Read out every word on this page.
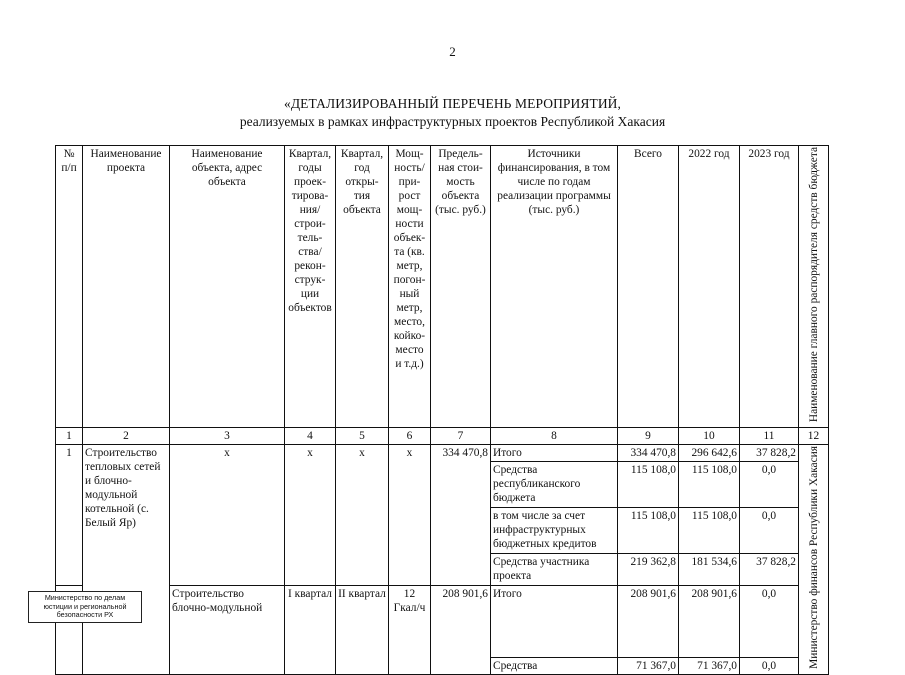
2
«ДЕТАЛИЗИРОВАННЫЙ ПЕРЕЧЕНЬ МЕРОПРИЯТИЙ,
реализуемых в рамках инфраструктурных проектов Республикой Хакасия
№ п/п	Наименование проекта	Наименование объекта, адрес объекта	Квартал, годы проек- тирова- ния/ строи- тель- ства/ рекон- струк- ции объектов	Квартал, год откры- тия объекта	Мощ- ность/ при- рост мощ- ности объек- та (кв. метр, погон- ный метр, место, койко- место и т.д.)	Предель- ная стои- мость объекта (тыс. руб.)	Источники финансирования, в том числе по годам реализации программы (тыс. руб.)	Всего	2022 год	2023 год	Наименование главного распорядителя средств бюджета
1	2	3	4	5	6	7	8	9	10	11	12
1	Строительство тепловых сетей и блочно-модульной котельной (с. Белый Яр)	х	х	х	х	334 470,8	Итого	334 470,8	296 642,6	37 828,2	Министерство финансов Республики Хакасия
							Средства республиканского бюджета	115 108,0	115 108,0	0,0	
							в том числе за счет инфраструктурных бюджетных кредитов	115 108,0	115 108,0	0,0	
							Средства участника проекта	219 362,8	181 534,6	37 828,2	
		Строительство блочно-модульной	I квартал	II квартал	12 Гкал/ч	208 901,6	Итого	208 901,6	208 901,6	0,0	
							Средства	71 367,0	71 367,0	0,0	
Министерство по делам
юстиции и региональной
безопасности РХ
